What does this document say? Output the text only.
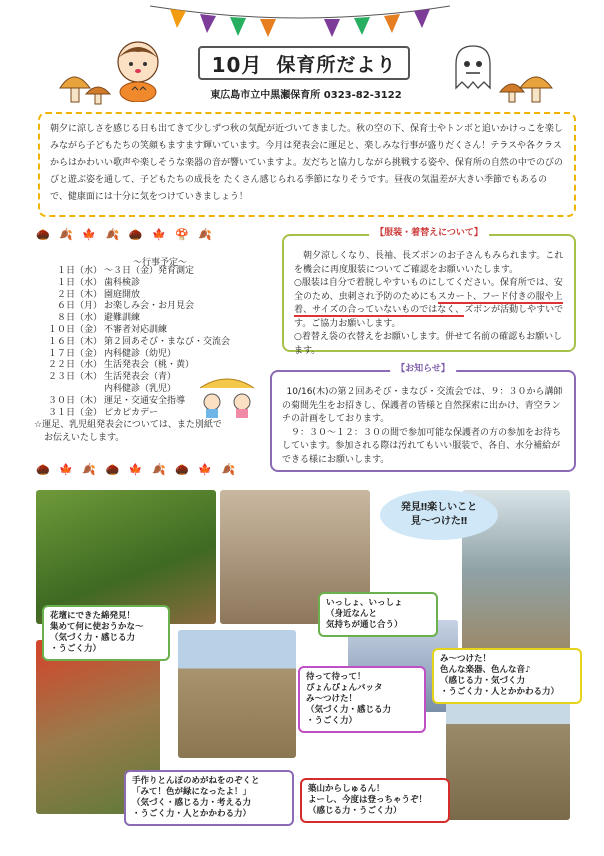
10月 保育所だより
東広島市立中黒瀬保育所 0323-82-3122
朝夕に涼しさを感じる日も出てきて少しずつ秋の気配が近づいてきました。秋の空の下、保育士やトンボと追いかけっこを楽しみながら子どもたちの笑顔もますます輝いています。今月は発表会に運足と、楽しみな行事が盛りだくさん！テラスや各クラスからはかわいい歌声や楽しそうな楽器の音が響いていますよ。友だちと協力しながら挑戦する姿や、保育所の自然の中でのびのびと遊ぶ姿を通して、子どもたちの成長を たくさん感じられる季節になりそうです。昼夜の気温差が大きい季節でもあるので、健康面には十分に気をつけていきましょう！
🌰 🍂 🍁 🍂 🌰 🍁 🍄 🍂
🌰 🍁 🍂 🌰 🍁 🍂 🌰 🍁 🍂
～行事予定～
１日（水） ～３日（金）発育測定
１日（水） 歯科検診
２日（木） 園庭開放
６日（月） お楽しみ会・お月見会
８日（水） 避難訓練
１０日（金） 不審者対応訓練
１６日（木） 第２回あそび・まなび・交流会
１７日（金） 内科健診（幼児）
２２日（水） 生活発表会（桃・黄）
２３日（木） 生活発表会（青）
内科健診（乳児）
３０日（木） 運足・交通安全指導
３１日（金） ピカピカデー
☆運足、乳児組発表会については、また別紙で
お伝えいたします。
【服装・着替えについて】
朝夕涼しくなり、長袖、長ズボンのお子さんもみられます。これを機会に再度服装についてご確認をお願いいたします。
○服装は自分で着脱しやすいものにしてください。保育所では、安全のため、虫刺され予防のためにもスカート、フード付きの服や上着、サイズの合っていないものではなく、ズボンが活動しやすいです。ご協力お願いします。
○着替え袋の衣替えをお願いします。併せて名前の確認もお願いします。
【お知らせ】
10/16(木)の第２回あそび・まなび・交流会では、９：３０から講師の菊間先生をお招きし、保護者の皆様と自然探索に出かけ、青空ランチの計画をしております。
９：３０～１２：３０の間で参加可能な保護者の方の参加をお待ちしています。参加される際は汚れてもいい服装で、各自、水分補給ができる様にお願いします。
発見‼楽しいこと
見～つけた‼
花壇にできた綿発見！
集めて何に使おうかな～
（気づく力・感じる力
・うごく力）
いっしょ、いっしょ
（身近なんと
気持ちが通じ合う）
待って待って！
ぴょんぴょんバッタ
み～つけた！
（気づく力・感じる力
・うごく力）
み～つけた！
色んな楽器、色んな音♪
（感じる力・気づく力
・うごく力・人とかかわる力）
手作りとんぼのめがねをのぞくと
「みて！色が緑になったよ！」
（気づく・感じる力・考える力
・うごく力・人とかかわる力）
築山からしゅるん！
よーし、今度は登っちゃうぞ！
（感じる力・うごく力）
